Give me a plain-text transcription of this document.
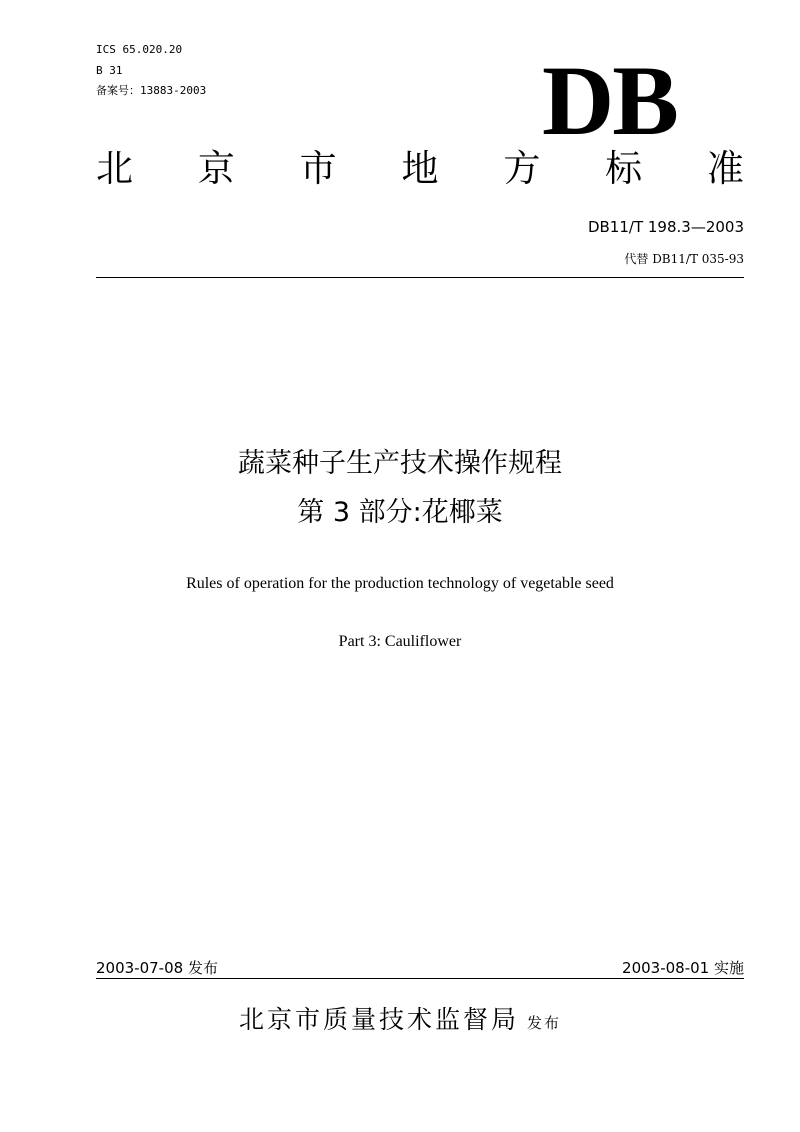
ICS 65.020.20
B 31
备案号：13883-2003	DB
北 京 市 地 方 标 准
DB11/T 198.3—2003
代替 DB11/T 035-93
蔬菜种子生产技术操作规程
第 3 部分:花椰菜
Rules of operation for the production technology of vegetable seed
Part 3: Cauliflower
2003-07-08 发布	2003-08-01 实施
北京市质量技术监督局 发布
